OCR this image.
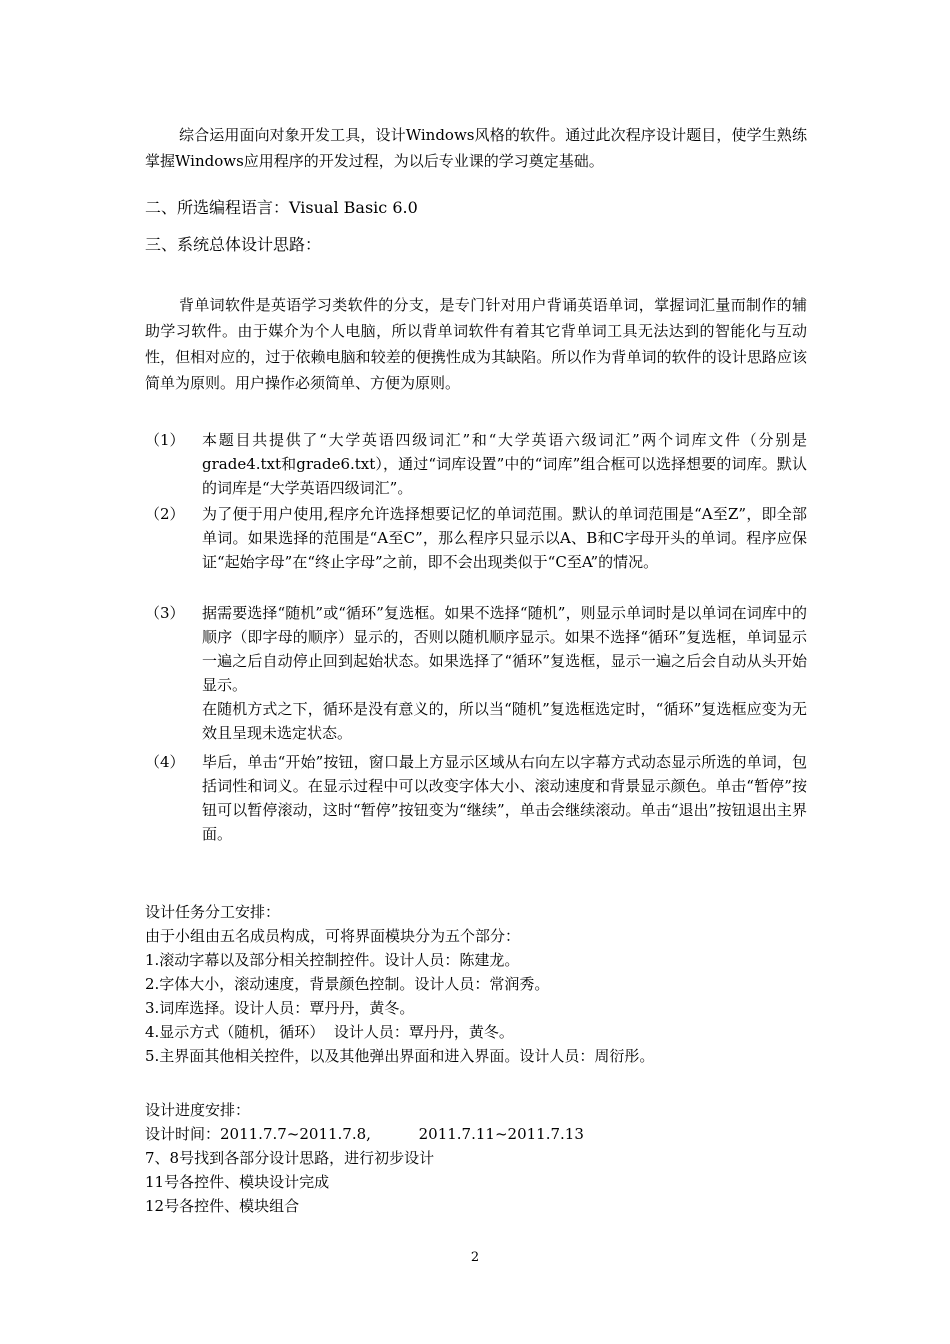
综合运用面向对象开发工具，设计Windows风格的软件。通过此次程序设计题目，使学生熟练掌握Windows应用程序的开发过程，为以后专业课的学习奠定基础。

二、所选编程语言：Visual Basic 6.0

三、系统总体设计思路：

背单词软件是英语学习类软件的分支，是专门针对用户背诵英语单词，掌握词汇量而制作的辅助学习软件。由于媒介为个人电脑，所以背单词软件有着其它背单词工具无法达到的智能化与互动性，但相对应的，过于依赖电脑和较差的便携性成为其缺陷。所以作为背单词的软件的设计思路应该简单为原则。用户操作必须简单、方便为原则。

（1）	本题目共提供了“大学英语四级词汇”和“大学英语六级词汇”两个词库文件（分别是grade4.txt和grade6.txt），通过“词库设置”中的“词库”组合框可以选择想要的词库。默认的词库是“大学英语四级词汇”。
（2）	为了便于用户使用,程序允许选择想要记忆的单词范围。默认的单词范围是“A至Z”，即全部单词。如果选择的范围是“A至C”，那么程序只显示以A、B和C字母开头的单词。程序应保证“起始字母”在“终止字母”之前，即不会出现类似于“C至A”的情况。
（3）	据需要选择“随机”或“循环”复选框。如果不选择“随机”，则显示单词时是以单词在词库中的顺序（即字母的顺序）显示的，否则以随机顺序显示。如果不选择“循环”复选框，单词显示一遍之后自动停止回到起始状态。如果选择了“循环”复选框，显示一遍之后会自动从头开始显示。
在随机方式之下，循环是没有意义的，所以当“随机”复选框选定时，“循环”复选框应变为无效且呈现未选定状态。
（4）	毕后，单击“开始”按钮，窗口最上方显示区域从右向左以字幕方式动态显示所选的单词，包括词性和词义。在显示过程中可以改变字体大小、滚动速度和背景显示颜色。单击“暂停”按钮可以暂停滚动，这时“暂停”按钮变为“继续”，单击会继续滚动。单击“退出”按钮退出主界面。

设计任务分工安排：

由于小组由五名成员构成，可将界面模块分为五个部分：

1.滚动字幕以及部分相关控制控件。设计人员：陈建龙。

2.字体大小，滚动速度，背景颜色控制。设计人员：常润秀。

3.词库选择。设计人员：覃丹丹，黄冬。

4.显示方式（随机，循环）  设计人员：覃丹丹，黄冬。

5.主界面其他相关控件，以及其他弹出界面和进入界面。设计人员：周衍彤。

设计进度安排：

设计时间：2011.7.7~2011.7.8,          2011.7.11~2011.7.13

7、8号找到各部分设计思路，进行初步设计

11号各控件、模块设计完成

12号各控件、模块组合

2
